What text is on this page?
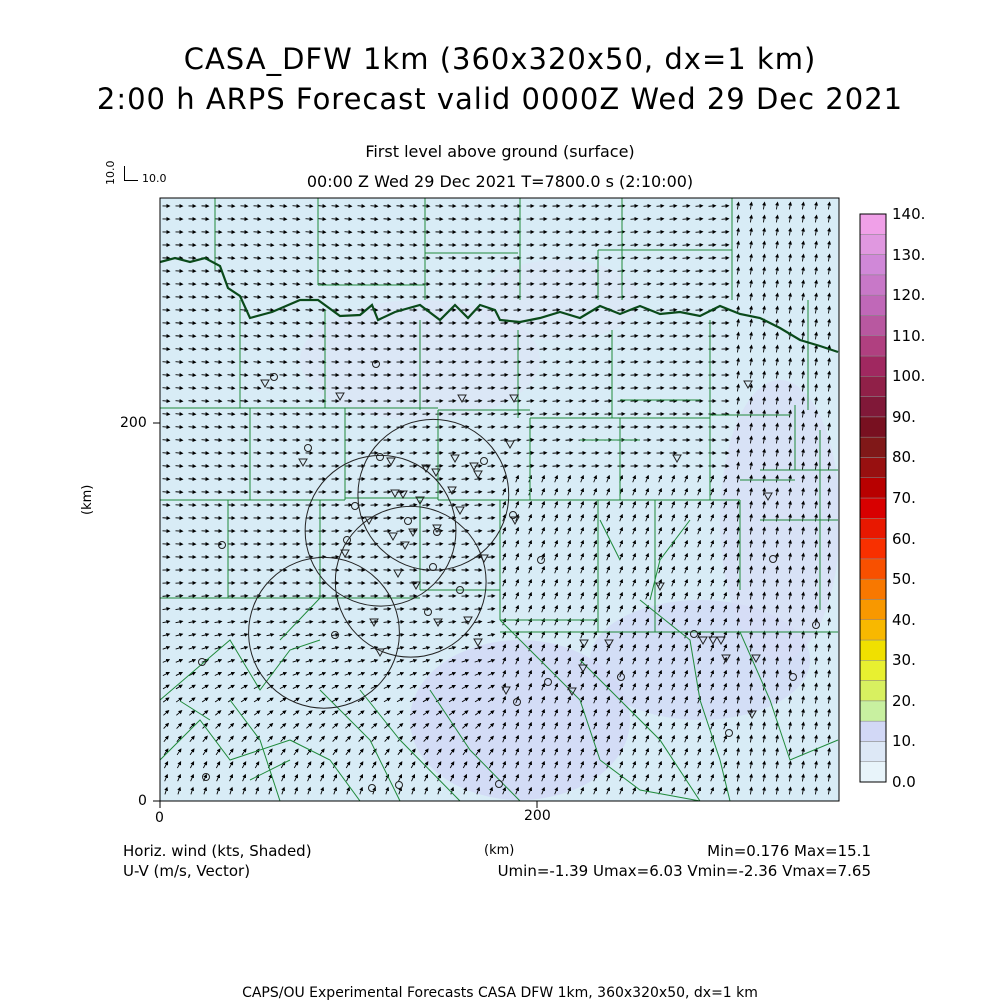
CASA_DFW 1km (360x320x50, dx=1 km)
2:00 h ARPS Forecast valid 0000Z Wed 29 Dec 2021
First level above ground (surface)
00:00 Z Wed 29 Dec 2021 T=7800.0 s (2:10:00)
10.0 10.0
0	200
0
200
(km)
(km)
Horiz. wind (kts, Shaded)
U-V (m/s, Vector)
Min=0.176 Max=15.1
Umin=-1.39 Umax=6.03 Vmin=-2.36 Vmax=7.65
CAPS/OU Experimental Forecasts CASA DFW 1km, 360x320x50, dx=1 km
140.
130.
120.
110.
100.
90.
80.
70.
60.
50.
40.
30.
20.
10.
0.0
